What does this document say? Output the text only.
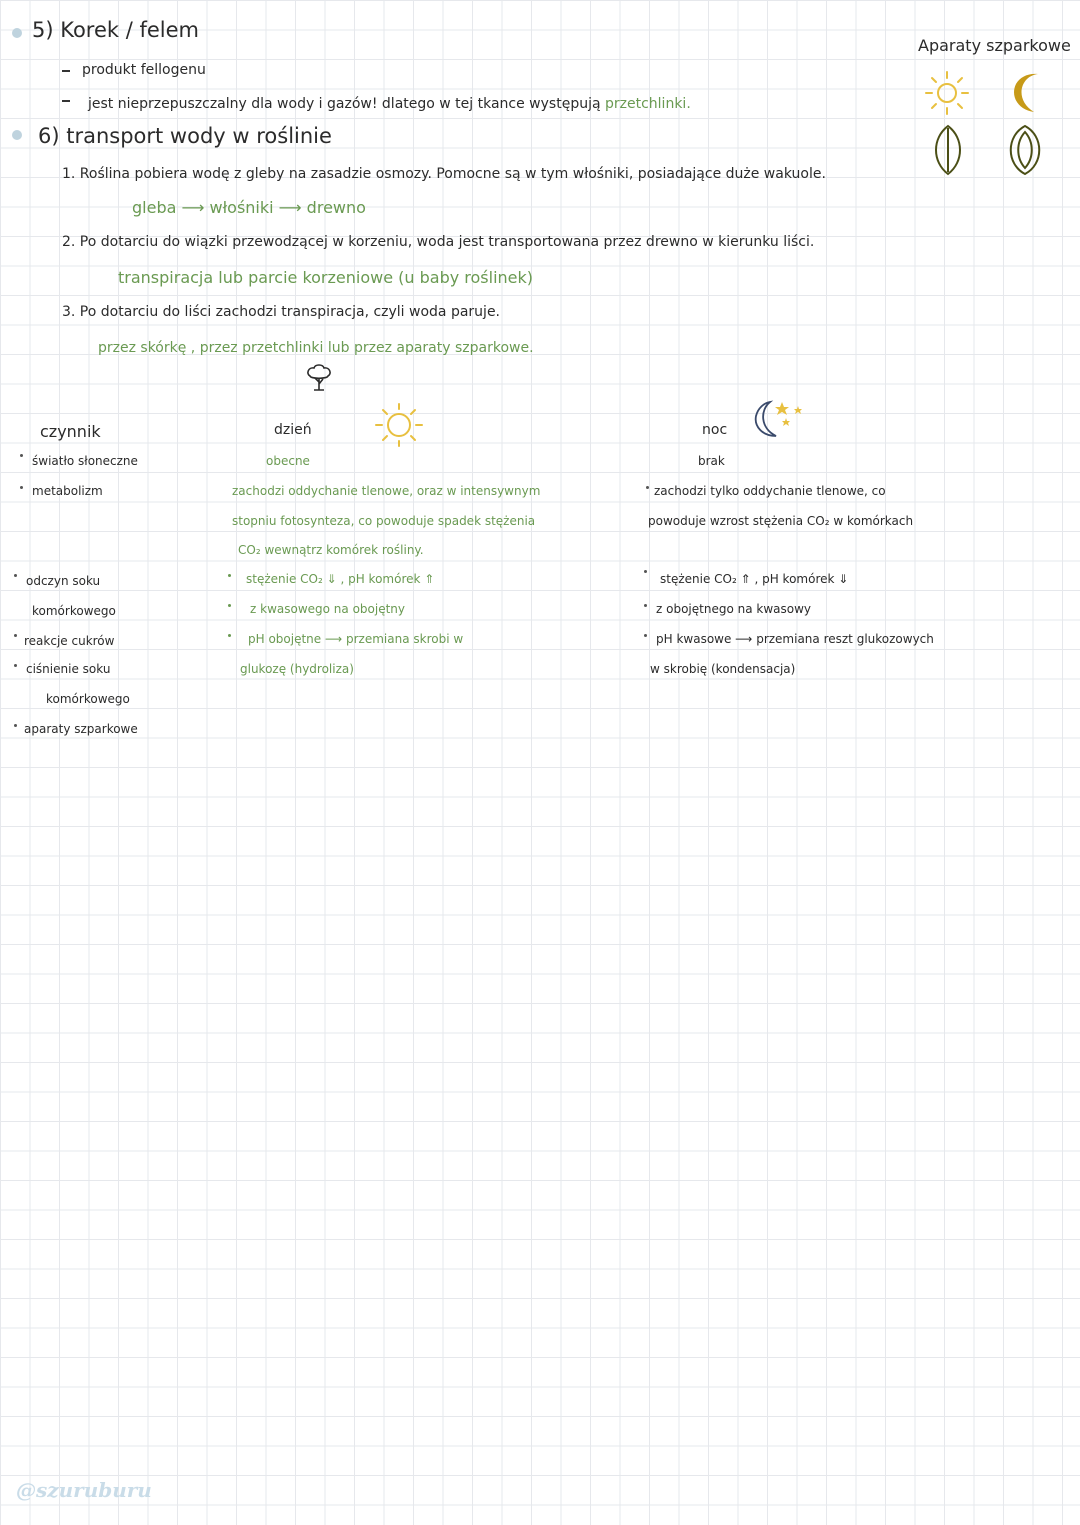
5) Korek / felem
produkt fellogenu
jest nieprzepuszczalny dla wody i gazów! dlatego w tej tkance występują przetchlinki.
Aparaty szparkowe
6) transport wody w roślinie
1. Roślina pobiera wodę z gleby na zasadzie osmozy. Pomocne są w tym włośniki, posiadające duże wakuole.
gleba ⟶ włośniki ⟶ drewno
2. Po dotarciu do wiązki przewodzącej w korzeniu, woda jest transportowana przez drewno w kierunku liści.
transpiracja lub parcie korzeniowe (u baby roślinek)
3. Po dotarciu do liści zachodzi transpiracja, czyli woda paruje.
przez skórkę , przez przetchlinki lub przez aparaty szparkowe.
czynnik	dzień	noc
światło słoneczne
metabolizm
odczyn soku
komórkowego
reakcje cukrów
ciśnienie soku
komórkowego
aparaty szparkowe
obecne
zachodzi oddychanie tlenowe, oraz w intensywnym
stopniu fotosynteza, co powoduje spadek stężenia
CO₂ wewnątrz komórek rośliny.
stężenie CO₂ ⇓ , pH komórek ⇑
z kwasowego na obojętny
pH obojętne ⟶ przemiana skrobi w
glukozę (hydroliza)
brak
zachodzi tylko oddychanie tlenowe, co
powoduje wzrost stężenia CO₂ w komórkach
stężenie CO₂ ⇑ , pH komórek ⇓
z obojętnego na kwasowy
pH kwasowe ⟶ przemiana reszt glukozowych
w skrobię (kondensacja)
@szuruburu
